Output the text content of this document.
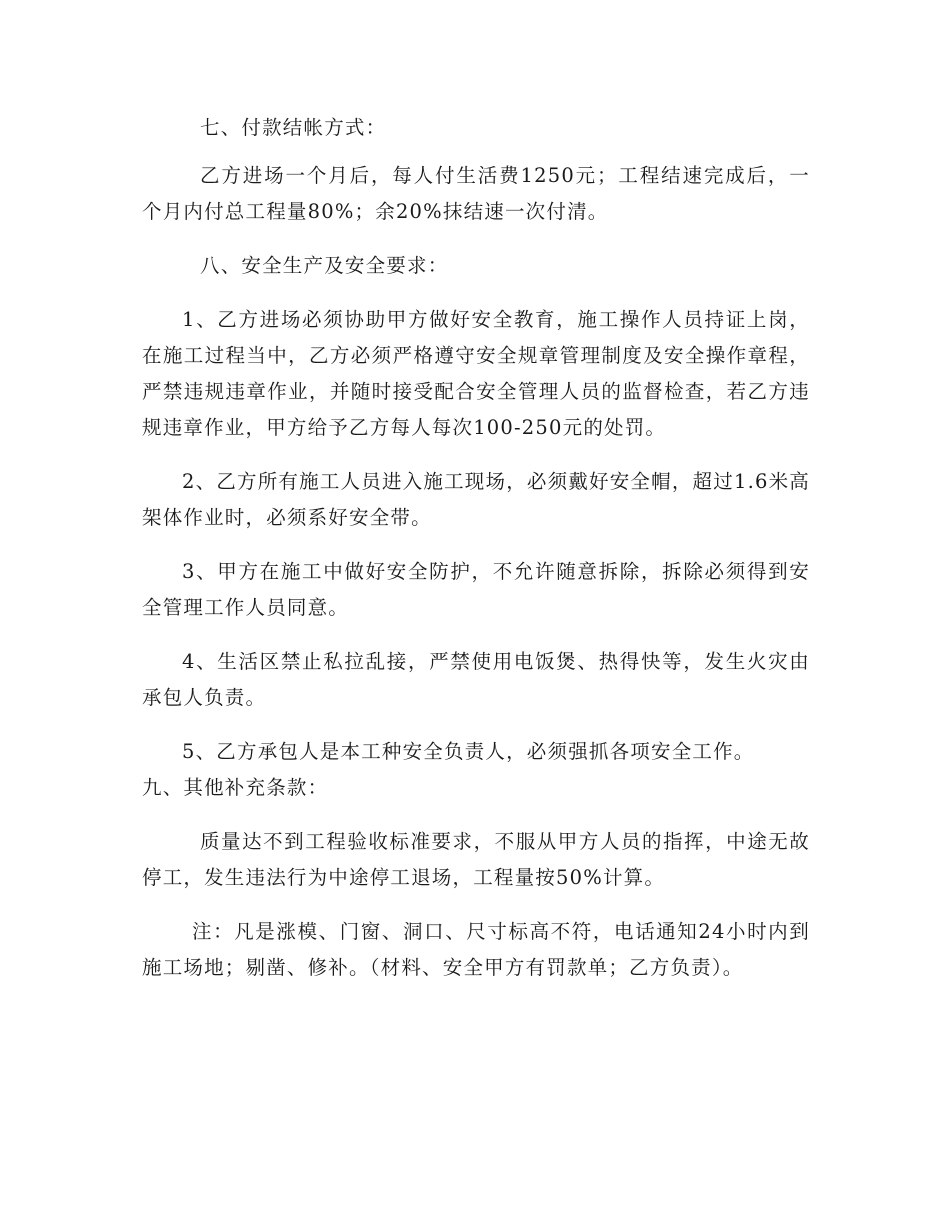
七、付款结帐方式：

乙方进场一个月后，每人付生活费1250元；工程结速完成后，一个月内付总工程量80%；余20%抹结速一次付清。

八、安全生产及安全要求：

1、乙方进场必须协助甲方做好安全教育，施工操作人员持证上岗，在施工过程当中，乙方必须严格遵守安全规章管理制度及安全操作章程，严禁违规违章作业，并随时接受配合安全管理人员的监督检查，若乙方违规违章作业，甲方给予乙方每人每次100-250元的处罚。

2、乙方所有施工人员进入施工现场，必须戴好安全帽，超过1.6米高架体作业时，必须系好安全带。

3、甲方在施工中做好安全防护，不允许随意拆除，拆除必须得到安全管理工作人员同意。

4、生活区禁止私拉乱接，严禁使用电饭煲、热得快等，发生火灾由承包人负责。

5、乙方承包人是本工种安全负责人，必须强抓各项安全工作。

九、其他补充条款：

质量达不到工程验收标准要求，不服从甲方人员的指挥，中途无故停工，发生违法行为中途停工退场，工程量按50%计算。

注：凡是涨模、门窗、洞口、尺寸标高不符，电话通知24小时内到施工场地；剔凿、修补。（材料、安全甲方有罚款单；乙方负责）。
